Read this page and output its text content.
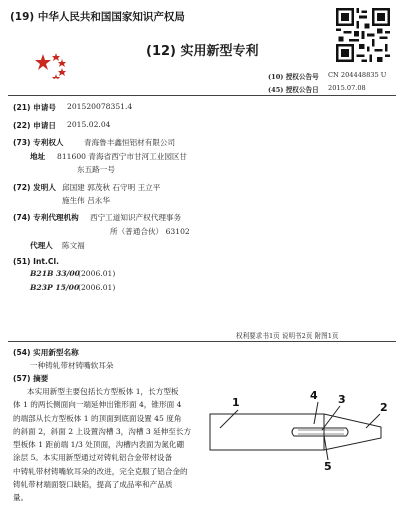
(19) 中华人民共和国国家知识产权局
(12) 实用新型专利
(10) 授权公告号 CN 204448835 U
(45) 授权公告日 2015.07.08
(21) 申请号 201520078351.4
(22) 申请日 2015.02.04
(73) 专利权人	青海鲁丰鑫恒铝材有限公司
地址 811600 青海省西宁市甘河工业园区甘
东五路一号
(72) 发明人 邱国建 郭茂秋 石守明 王立平
施生伟 吕永华
(74) 专利代理机构 西宁工道知识产权代理事务
所（普通合伙） 63102
代理人 陈文福
(51) Int.Cl.
B21B 33/00
(2006.01)
B23P 15/00
(2006.01)
权利要求书1页 说明书2页 附图1页
(54) 实用新型名称
一种铸轧带材铸嘴软耳朵
(57) 摘要
本实用新型主要包括长方型板体 1，长方型板
体 1 的两长侧面向一端延伸出锥形面 4，锥形面 4
的端部从长方型板体 1 的顶面到底面设置 45 度角
的斜面 2，斜面 2 上设置沟槽 3，沟槽 3 延伸至长方
型板体 1 距前端 1/3 处顶面，沟槽内表面为氮化硼
涂层 5。本实用新型通过对铸轧铝合金带材设备
中铸轧带材铸嘴软耳朵的改进，完全克服了铝合金的
铸轧带材端面裂口缺陷，提高了成品率和产品质
量。
1
4 3
2
5
